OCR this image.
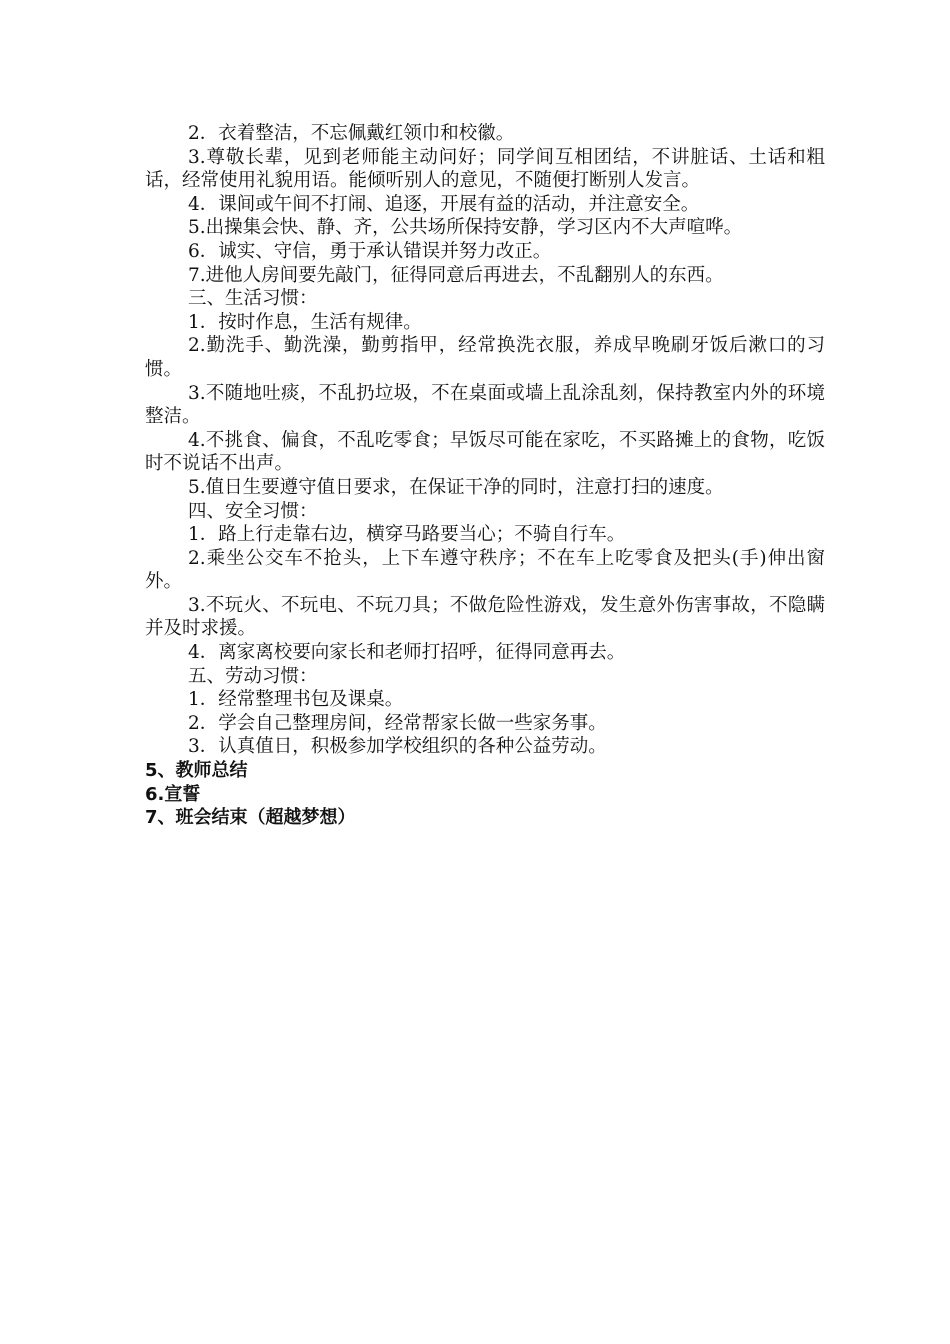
2．衣着整洁，不忘佩戴红领巾和校徽。

3.尊敬长辈，见到老师能主动问好；同学间互相团结，不讲脏话、土话和粗话，经常使用礼貌用语。能倾听别人的意见，不随便打断别人发言。

4．课间或午间不打闹、追逐，开展有益的活动，并注意安全。

5.出操集会快、静、齐，公共场所保持安静，学习区内不大声喧哗。

6．诚实、守信，勇于承认错误并努力改正。

7.进他人房间要先敲门，征得同意后再进去，不乱翻别人的东西。

三、生活习惯：

1．按时作息，生活有规律。

2.勤洗手、勤洗澡，勤剪指甲，经常换洗衣服，养成早晚刷牙饭后漱口的习惯。

3.不随地吐痰，不乱扔垃圾，不在桌面或墙上乱涂乱刻，保持教室内外的环境整洁。

4.不挑食、偏食，不乱吃零食；早饭尽可能在家吃，不买路摊上的食物，吃饭时不说话不出声。

5.值日生要遵守值日要求，在保证干净的同时，注意打扫的速度。

四、安全习惯：

1．路上行走靠右边，横穿马路要当心；不骑自行车。

2.乘坐公交车不抢头，上下车遵守秩序；不在车上吃零食及把头(手)伸出窗外。

3.不玩火、不玩电、不玩刀具；不做危险性游戏，发生意外伤害事故，不隐瞒并及时求援。

4．离家离校要向家长和老师打招呼，征得同意再去。

五、劳动习惯：

1．经常整理书包及课桌。

2．学会自己整理房间，经常帮家长做一些家务事。

3．认真值日，积极参加学校组织的各种公益劳动。

5、教师总结

6.宣誓

7、班会结束（超越梦想）
